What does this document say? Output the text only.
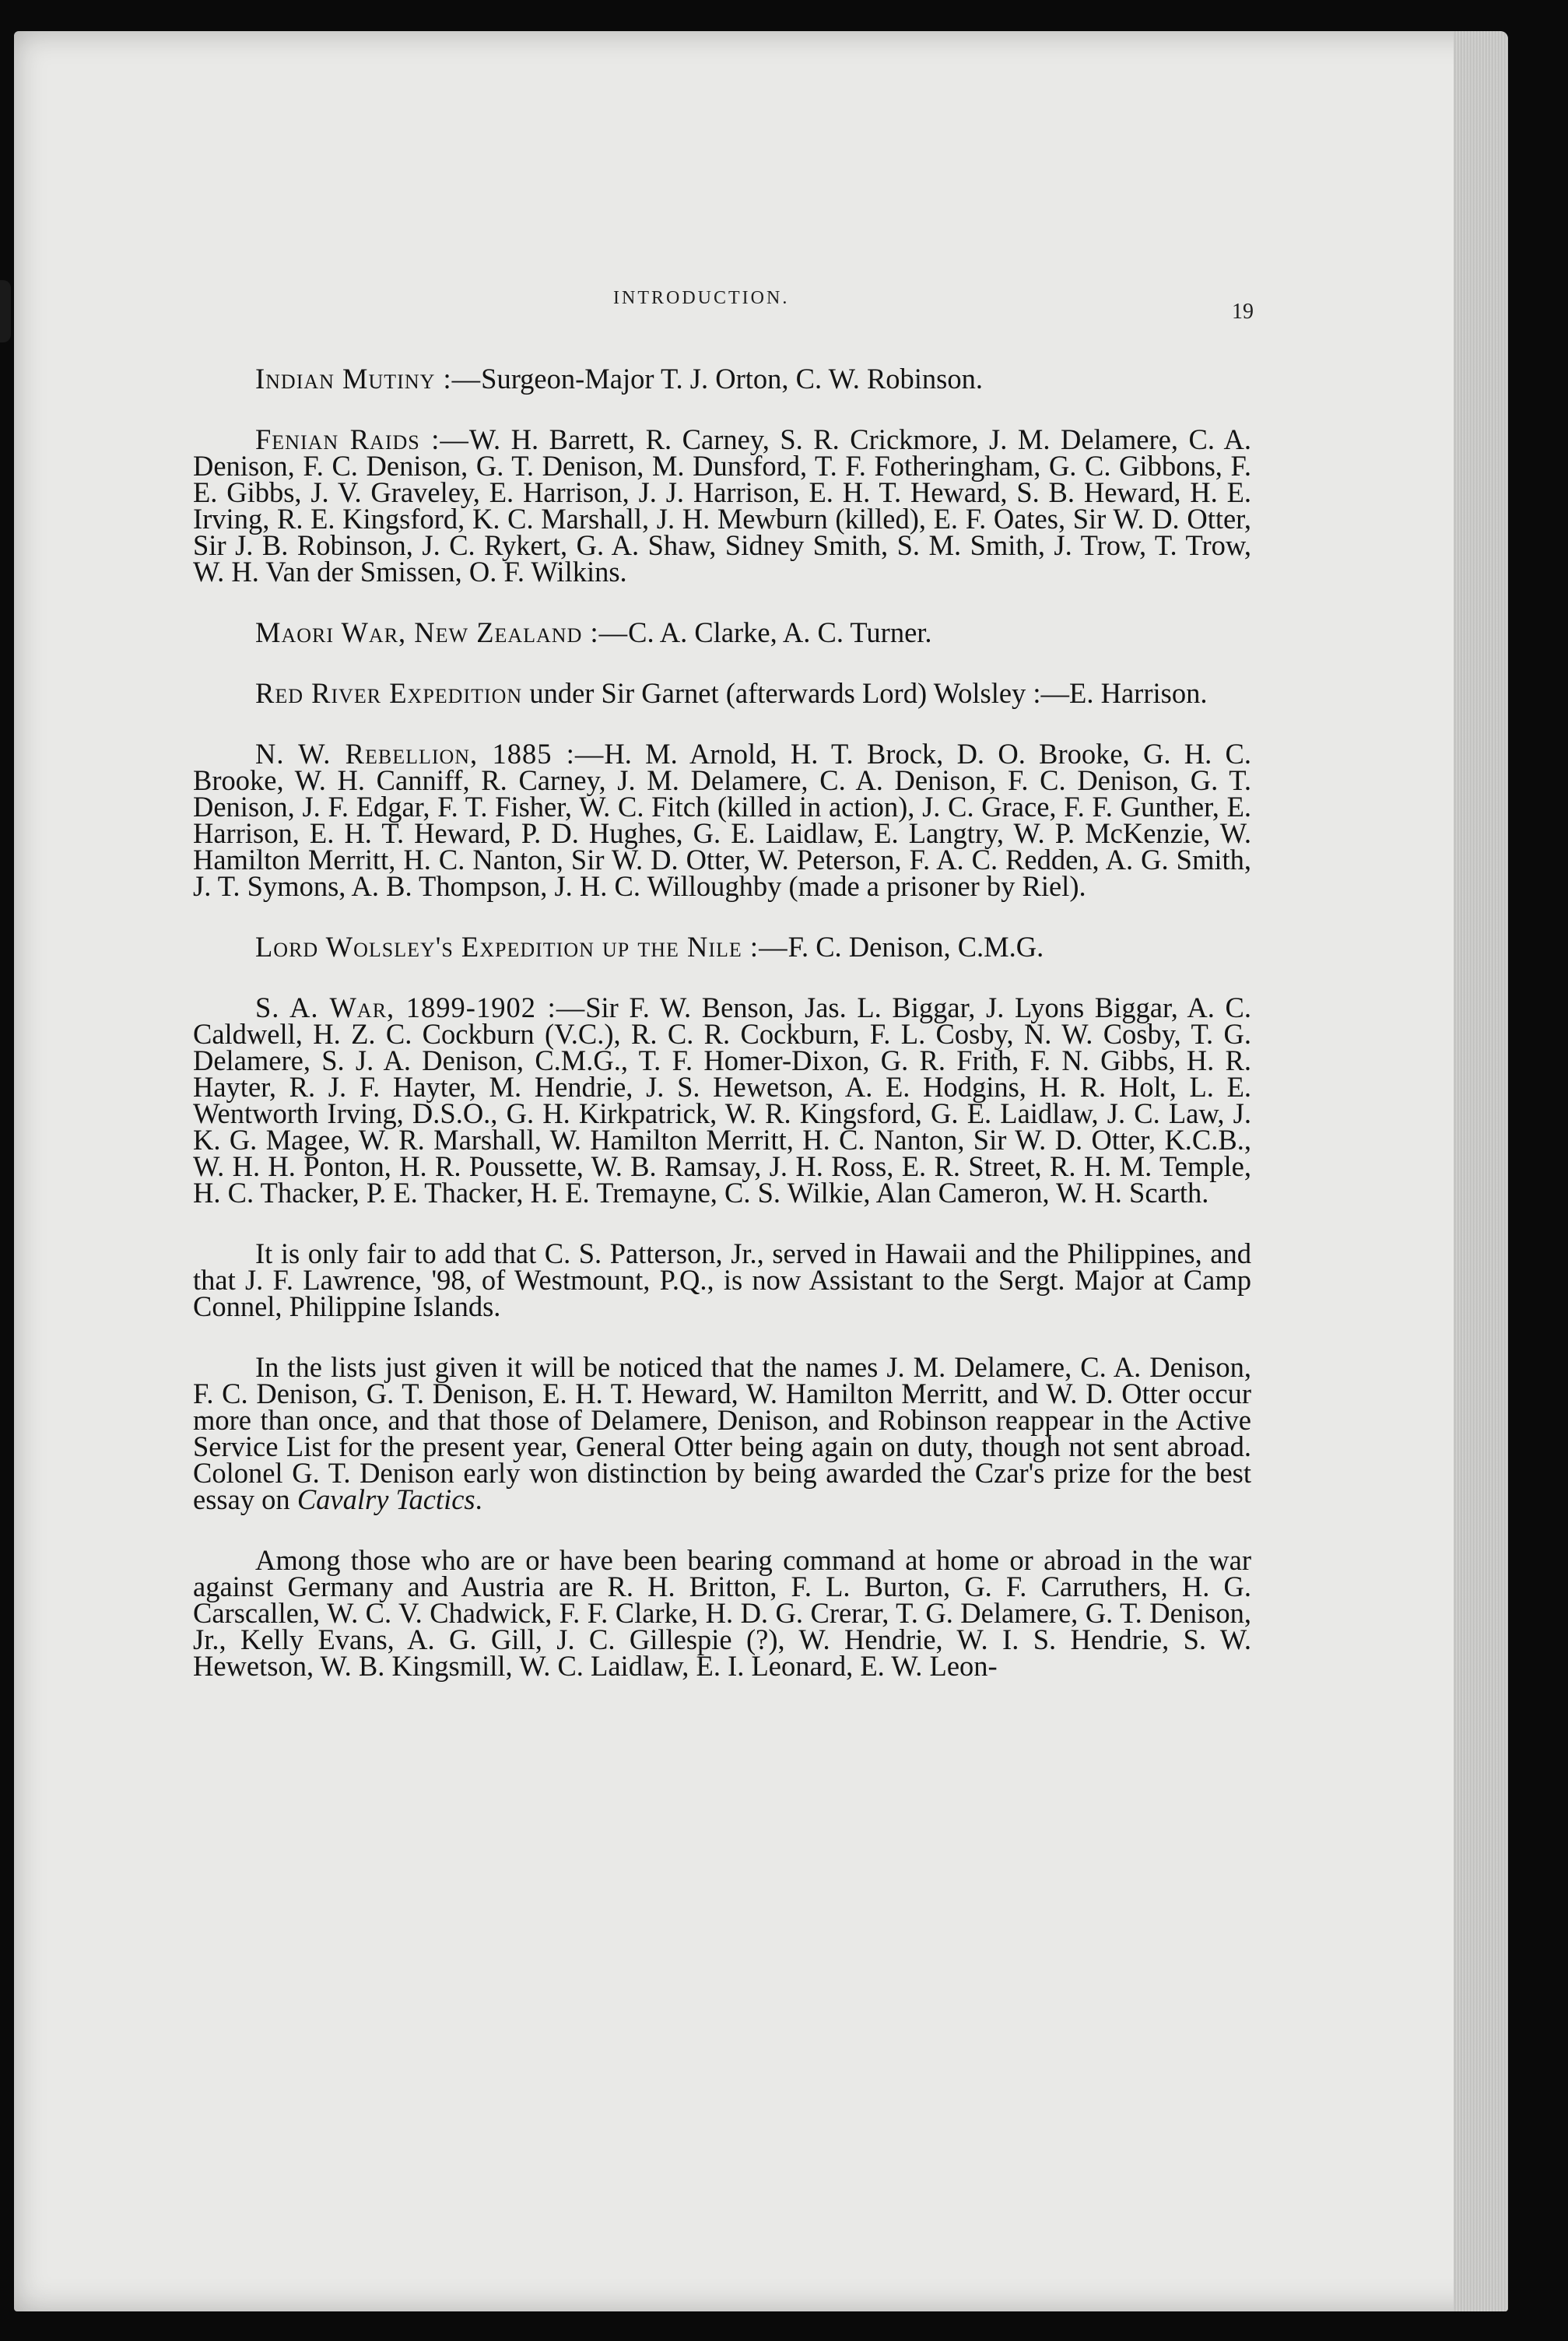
INTRODUCTION.
19

Indian Mutiny :—Surgeon-Major T. J. Orton, C. W. Robinson.

Fenian Raids :—W. H. Barrett, R. Carney, S. R. Crickmore, J. M. Delamere, C. A. Denison, F. C. Denison, G. T. Denison, M. Dunsford, T. F. Fotheringham, G. C. Gibbons, F. E. Gibbs, J. V. Graveley, E. Harrison, J. J. Harrison, E. H. T. Heward, S. B. Heward, H. E. Irving, R. E. Kingsford, K. C. Marshall, J. H. Mewburn (killed), E. F. Oates, Sir W. D. Otter, Sir J. B. Robinson, J. C. Rykert, G. A. Shaw, Sidney Smith, S. M. Smith, J. Trow, T. Trow, W. H. Van der Smissen, O. F. Wilkins.

Maori War, New Zealand :—C. A. Clarke, A. C. Turner.

Red River Expedition under Sir Garnet (afterwards Lord) Wolsley :—E. Harrison.

N. W. Rebellion, 1885 :—H. M. Arnold, H. T. Brock, D. O. Brooke, G. H. C. Brooke, W. H. Canniff, R. Carney, J. M. Delamere, C. A. Denison, F. C. Denison, G. T. Denison, J. F. Edgar, F. T. Fisher, W. C. Fitch (killed in action), J. C. Grace, F. F. Gunther, E. Harrison, E. H. T. Heward, P. D. Hughes, G. E. Laidlaw, E. Langtry, W. P. McKenzie, W. Hamilton Merritt, H. C. Nanton, Sir W. D. Otter, W. Peterson, F. A. C. Redden, A. G. Smith, J. T. Symons, A. B. Thompson, J. H. C. Willoughby (made a prisoner by Riel).

Lord Wolsley's Expedition up the Nile :—F. C. Denison, C.M.G.

S. A. War, 1899-1902 :—Sir F. W. Benson, Jas. L. Biggar, J. Lyons Biggar, A. C. Caldwell, H. Z. C. Cockburn (V.C.), R. C. R. Cockburn, F. L. Cosby, N. W. Cosby, T. G. Delamere, S. J. A. Denison, C.M.G., T. F. Homer-Dixon, G. R. Frith, F. N. Gibbs, H. R. Hayter, R. J. F. Hayter, M. Hendrie, J. S. Hewetson, A. E. Hodgins, H. R. Holt, L. E. Wentworth Irving, D.S.O., G. H. Kirkpatrick, W. R. Kingsford, G. E. Laidlaw, J. C. Law, J. K. G. Magee, W. R. Marshall, W. Hamilton Merritt, H. C. Nanton, Sir W. D. Otter, K.C.B., W. H. H. Ponton, H. R. Poussette, W. B. Ramsay, J. H. Ross, E. R. Street, R. H. M. Temple, H. C. Thacker, P. E. Thacker, H. E. Tremayne, C. S. Wilkie, Alan Cameron, W. H. Scarth.

It is only fair to add that C. S. Patterson, Jr., served in Hawaii and the Philippines, and that J. F. Lawrence, '98, of Westmount, P.Q., is now Assistant to the Sergt. Major at Camp Connel, Philippine Islands.

In the lists just given it will be noticed that the names J. M. Delamere, C. A. Denison, F. C. Denison, G. T. Denison, E. H. T. Heward, W. Hamilton Merritt, and W. D. Otter occur more than once, and that those of Delamere, Denison, and Robinson reappear in the Active Service List for the present year, General Otter being again on duty, though not sent abroad. Colonel G. T. Denison early won distinction by being awarded the Czar's prize for the best essay on Cavalry Tactics.

Among those who are or have been bearing command at home or abroad in the war against Germany and Austria are R. H. Britton, F. L. Burton, G. F. Carruthers, H. G. Carscallen, W. C. V. Chadwick, F. F. Clarke, H. D. G. Crerar, T. G. Delamere, G. T. Denison, Jr., Kelly Evans, A. G. Gill, J. C. Gillespie (?), W. Hendrie, W. I. S. Hendrie, S. W. Hewetson, W. B. Kingsmill, W. C. Laidlaw, E. I. Leonard, E. W. Leon-
